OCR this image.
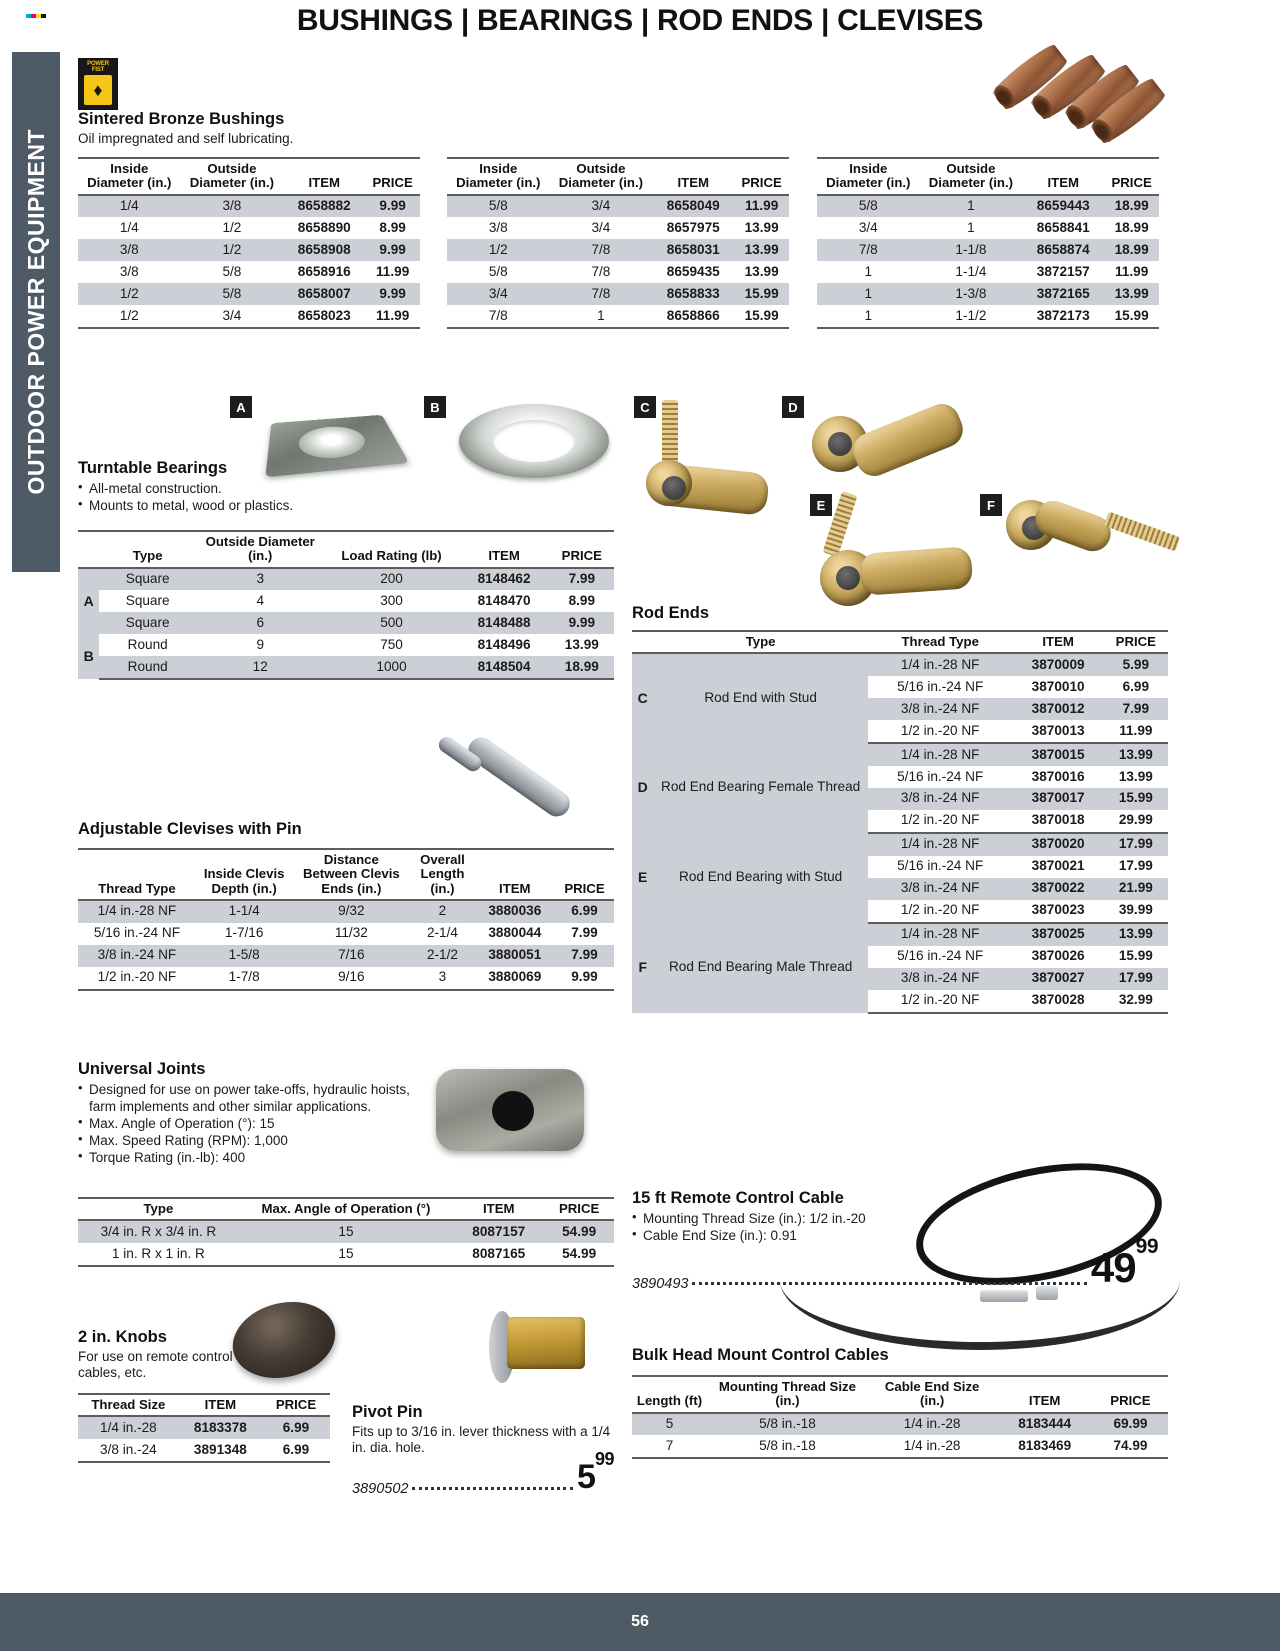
OUTDOOR POWER EQUIPMENT
BUSHINGS | BEARINGS | ROD ENDS | CLEVISES
POWER
FIST
♦
Sintered Bronze Bushings

Oil impregnated and self lubricating.

Inside Diameter (in.)	Outside Diameter (in.)	ITEM	PRICE
1/4	3/8	8658882	9.99
1/4	1/2	8658890	8.99
3/8	1/2	8658908	9.99
3/8	5/8	8658916	11.99
1/2	5/8	8658007	9.99
1/2	3/4	8658023	11.99
Inside Diameter (in.)	Outside Diameter (in.)	ITEM	PRICE
5/8	3/4	8658049	11.99
3/8	3/4	8657975	13.99
1/2	7/8	8658031	13.99
5/8	7/8	8659435	13.99
3/4	7/8	8658833	15.99
7/8	1	8658866	15.99
Inside Diameter (in.)	Outside Diameter (in.)	ITEM	PRICE
5/8	1	8659443	18.99
3/4	1	8658841	18.99
7/8	1-1/8	8658874	18.99
1	1-1/4	3872157	11.99
1	1-3/8	3872165	13.99
1	1-1/2	3872173	15.99
A	B	C	D
E	F
Turntable Bearings
• All-metal construction.
• Mounts to metal, wood or plastics.
	Type	Outside Diameter (in.)	Load Rating (lb)	ITEM	PRICE
A	Square	3	200	8148462	7.99
	Square	4	300	8148470	8.99
	Square	6	500	8148488	9.99
B	Round	9	750	8148496	13.99
	Round	12	1000	8148504	18.99
Adjustable Clevises with Pin
Thread Type	Inside Clevis Depth (in.)	Distance Between Clevis Ends (in.)	Overall Length (in.)	ITEM	PRICE
1/4 in.-28 NF	1-1/4	9/32	2	3880036	6.99
5/16 in.-24 NF	1-7/16	11/32	2-1/4	3880044	7.99
3/8 in.-24 NF	1-5/8	7/16	2-1/2	3880051	7.99
1/2 in.-20 NF	1-7/8	9/16	3	3880069	9.99
Universal Joints
• Designed for use on power take-offs, hydraulic hoists, farm implements and other similar applications.
• Max. Angle of Operation (°): 15
• Max. Speed Rating (RPM): 1,000
• Torque Rating (in.-lb): 400
Type	Max. Angle of Operation (°)	ITEM	PRICE
3/4 in. R x 3/4 in. R	15	8087157	54.99
1 in. R x 1 in. R	15	8087165	54.99
2 in. Knobs

For use on remote control cables, etc.

Thread Size	ITEM	PRICE
1/4 in.-28	8183378	6.99
3/8 in.-24	3891348	6.99
Pivot Pin

Fits up to 3/16 in. lever thickness with a 1/4 in. dia. hole.

3890502	$5^{99}$
Rod Ends
	Type	Thread Type	ITEM	PRICE
C	Rod End with Stud	1/4 in.-28 NF	3870009	5.99
		5/16 in.-24 NF	3870010	6.99
		3/8 in.-24 NF	3870012	7.99
		1/2 in.-20 NF	3870013	11.99
D	Rod End Bearing Female Thread	1/4 in.-28 NF	3870015	13.99
		5/16 in.-24 NF	3870016	13.99
		3/8 in.-24 NF	3870017	15.99
		1/2 in.-20 NF	3870018	29.99
E	Rod End Bearing with Stud	1/4 in.-28 NF	3870020	17.99
		5/16 in.-24 NF	3870021	17.99
		3/8 in.-24 NF	3870022	21.99
		1/2 in.-20 NF	3870023	39.99
F	Rod End Bearing Male Thread	1/4 in.-28 NF	3870025	13.99
		5/16 in.-24 NF	3870026	15.99
		3/8 in.-24 NF	3870027	17.99
		1/2 in.-20 NF	3870028	32.99
15 ft Remote Control Cable
• Mounting Thread Size (in.): 1/2 in.-20
• Cable End Size (in.): 0.91
3890493	$49^{99}$
Bulk Head Mount Control Cables
Length (ft)	Mounting Thread Size (in.)	Cable End Size (in.)	ITEM	PRICE
5	5/8 in.-18	1/4 in.-28	8183444	69.99
7	5/8 in.-18	1/4 in.-28	8183469	74.99
56
